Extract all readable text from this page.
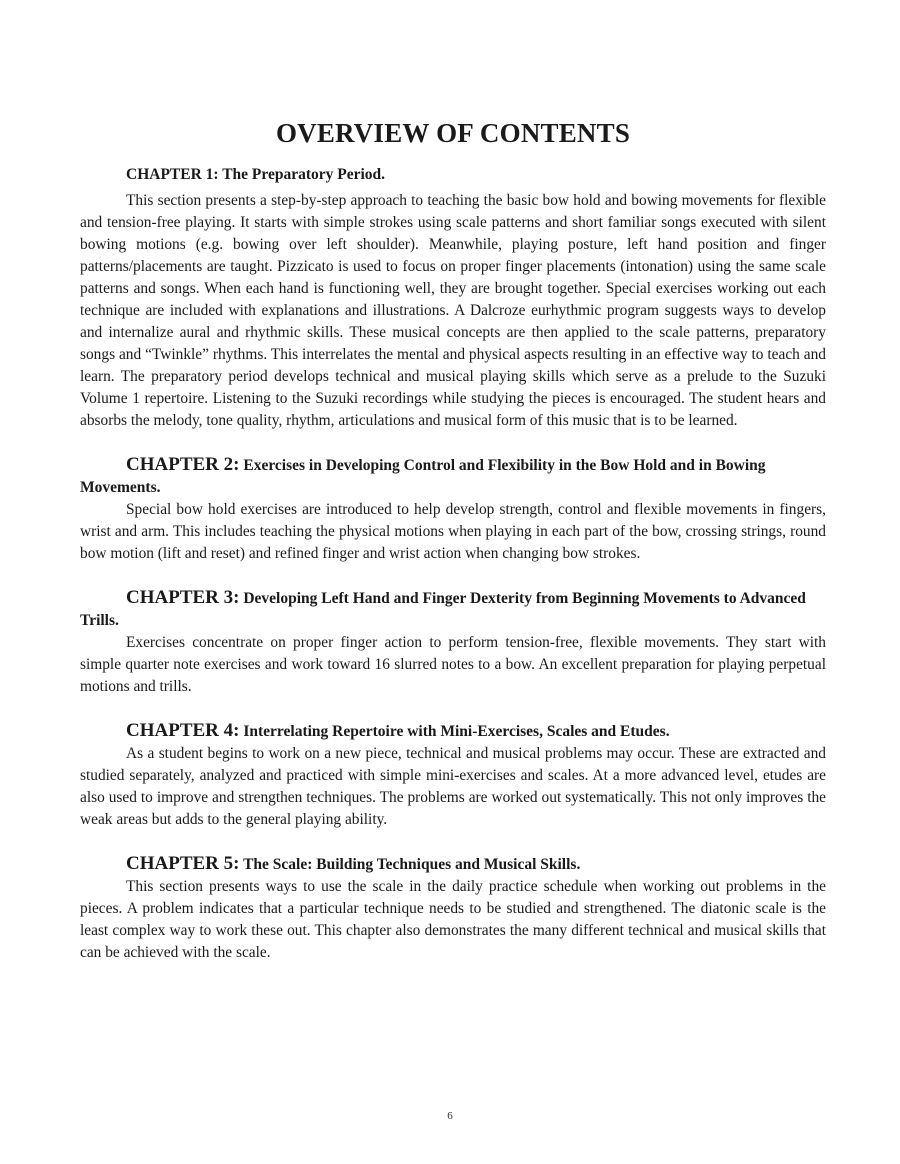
OVERVIEW OF CONTENTS

CHAPTER 1: The Preparatory Period.

This section presents a step-by-step approach to teaching the basic bow hold and bowing movements for flexible and tension-free playing. It starts with simple strokes using scale patterns and short familiar songs executed with silent bowing motions (e.g. bowing over left shoulder). Meanwhile, playing posture, left hand position and finger patterns/placements are taught. Pizzicato is used to focus on proper finger placements (intonation) using the same scale patterns and songs. When each hand is functioning well, they are brought together. Special exercises working out each technique are included with explanations and illustrations. A Dalcroze eurhythmic program suggests ways to develop and internalize aural and rhythmic skills. These musical concepts are then applied to the scale patterns, preparatory songs and “Twinkle” rhythms. This interrelates the mental and physical aspects resulting in an effective way to teach and learn. The preparatory period develops technical and musical playing skills which serve as a prelude to the Suzuki Volume 1 repertoire. Listening to the Suzuki recordings while studying the pieces is encouraged. The student hears and absorbs the melody, tone quality, rhythm, articulations and musical form of this music that is to be learned.

CHAPTER 2: Exercises in Developing Control and Flexibility in the Bow Hold and in Bowing Movements.

Special bow hold exercises are introduced to help develop strength, control and flexible movements in fingers, wrist and arm. This includes teaching the physical motions when playing in each part of the bow, crossing strings, round bow motion (lift and reset) and refined finger and wrist action when changing bow strokes.

CHAPTER 3: Developing Left Hand and Finger Dexterity from Beginning Movements to Advanced Trills.

Exercises concentrate on proper finger action to perform tension-free, flexible movements. They start with simple quarter note exercises and work toward 16 slurred notes to a bow. An excellent preparation for playing perpetual motions and trills.

CHAPTER 4: Interrelating Repertoire with Mini-Exercises, Scales and Etudes.

As a student begins to work on a new piece, technical and musical problems may occur. These are extracted and studied separately, analyzed and practiced with simple mini-exercises and scales. At a more advanced level, etudes are also used to improve and strengthen techniques. The problems are worked out systematically. This not only improves the weak areas but adds to the general playing ability.

CHAPTER 5: The Scale: Building Techniques and Musical Skills.

This section presents ways to use the scale in the daily practice schedule when working out problems in the pieces. A problem indicates that a particular technique needs to be studied and strengthened. The diatonic scale is the least complex way to work these out. This chapter also demonstrates the many different technical and musical skills that can be achieved with the scale.

6
